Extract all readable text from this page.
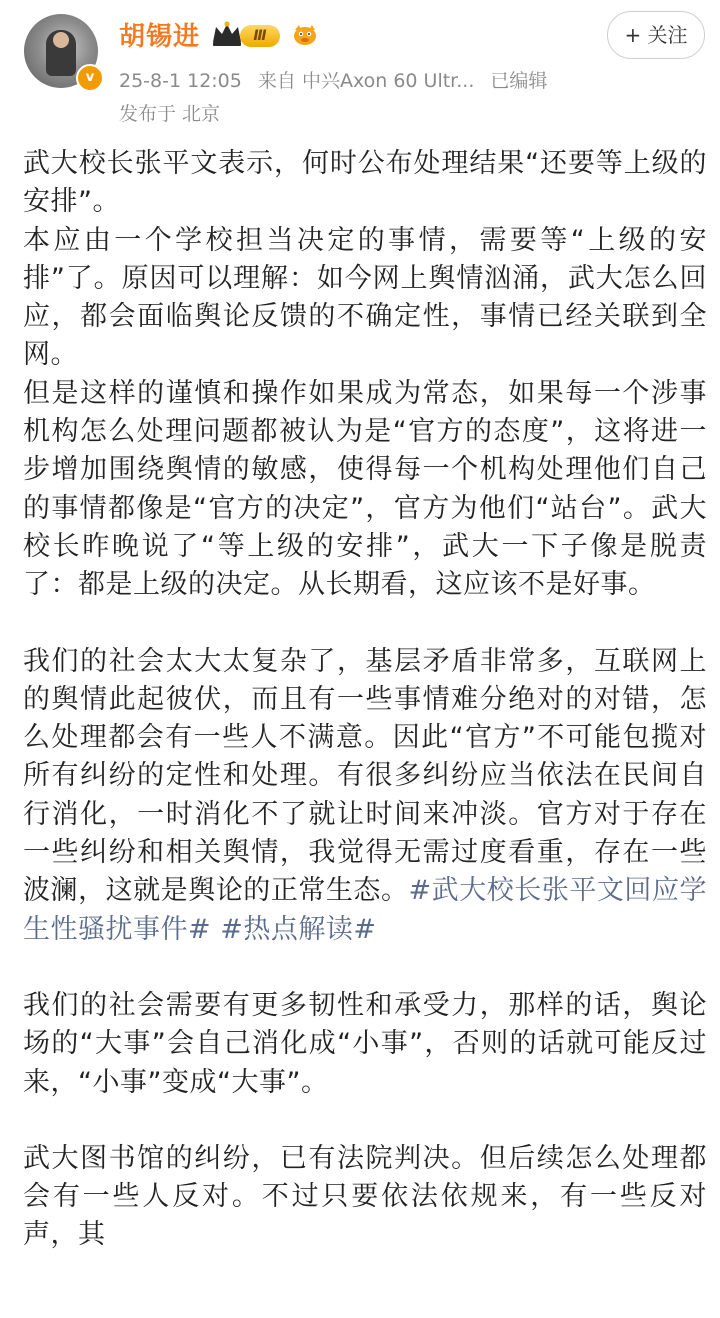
v
胡锡进	Ⅲ
25-8-1 12:05 来自 中兴Axon 60 Ultr... 已编辑
发布于 北京
+ 关注

武大校长张平文表示，何时公布处理结果“还要等上级的安排”。

本应由一个学校担当决定的事情，需要等“上级的安排”了。原因可以理解：如今网上舆情汹涌，武大怎么回应，都会面临舆论反馈的不确定性，事情已经关联到全网。

但是这样的谨慎和操作如果成为常态，如果每一个涉事机构怎么处理问题都被认为是“官方的态度”，这将进一步增加围绕舆情的敏感，使得每一个机构处理他们自己的事情都像是“官方的决定”，官方为他们“站台”。武大校长昨晚说了“等上级的安排”，武大一下子像是脱责了：都是上级的决定。从长期看，这应该不是好事。

我们的社会太大太复杂了，基层矛盾非常多，互联网上的舆情此起彼伏，而且有一些事情难分绝对的对错，怎么处理都会有一些人不满意。因此“官方”不可能包揽对所有纠纷的定性和处理。有很多纠纷应当依法在民间自行消化，一时消化不了就让时间来冲淡。官方对于存在一些纠纷和相关舆情，我觉得无需过度看重，存在一些波澜，这就是舆论的正常生态。#武大校长张平文回应学生性骚扰事件# #热点解读#

我们的社会需要有更多韧性和承受力，那样的话，舆论场的“大事”会自己消化成“小事”，否则的话就可能反过来，“小事”变成“大事”。

武大图书馆的纠纷，已有法院判决。但后续怎么处理都会有一些人反对。不过只要依法依规来，有一些反对声，其
